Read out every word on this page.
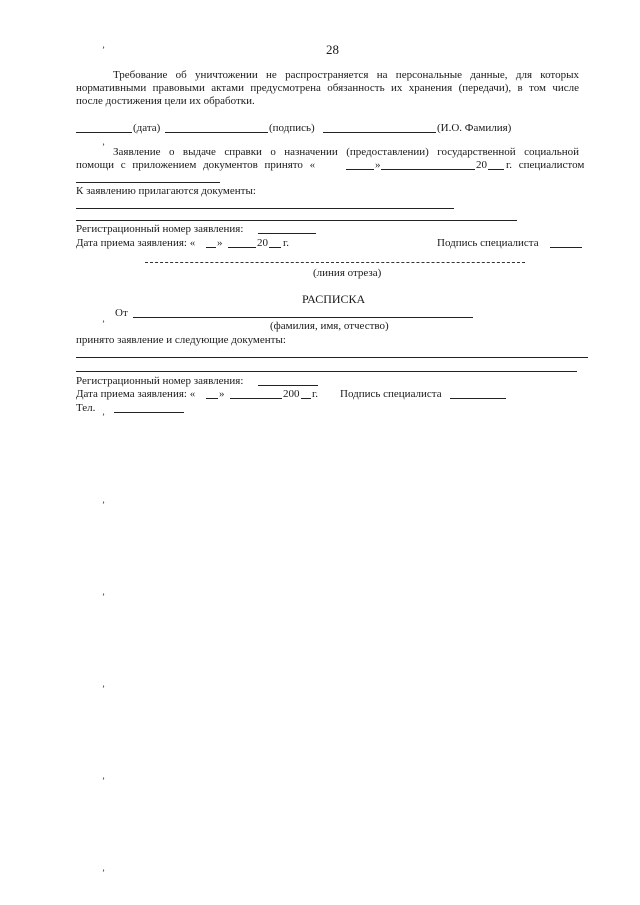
28
ʼ
ʼ
ʼ
ʼ
ʼ
ʼ
ʼ
ʼ
ʼ
Требование об уничтожении не распространяется на персональные данные, для которых
нормативными правовыми актами предусмотрена обязанность их хранения (передачи), в том числе
после достижения цели их обработки.
(дата)	(подпись)	(И.О. Фамилия)
Заявление о выдаче справки о назначении (предоставлении) государственной социальной
помощи с приложением документов принято «	»	20 г. специалистом
К заявлению прилагаются документы:
Регистрационный номер заявления:
Дата приема заявления: « »	20 г.	Подпись специалиста
(линия отреза)
РАСПИСКА
От
(фамилия, имя, отчество)
принято заявление и следующие документы:
Регистрационный номер заявления:
Дата приема заявления: « »	200 г. Подпись специалиста
Тел.
